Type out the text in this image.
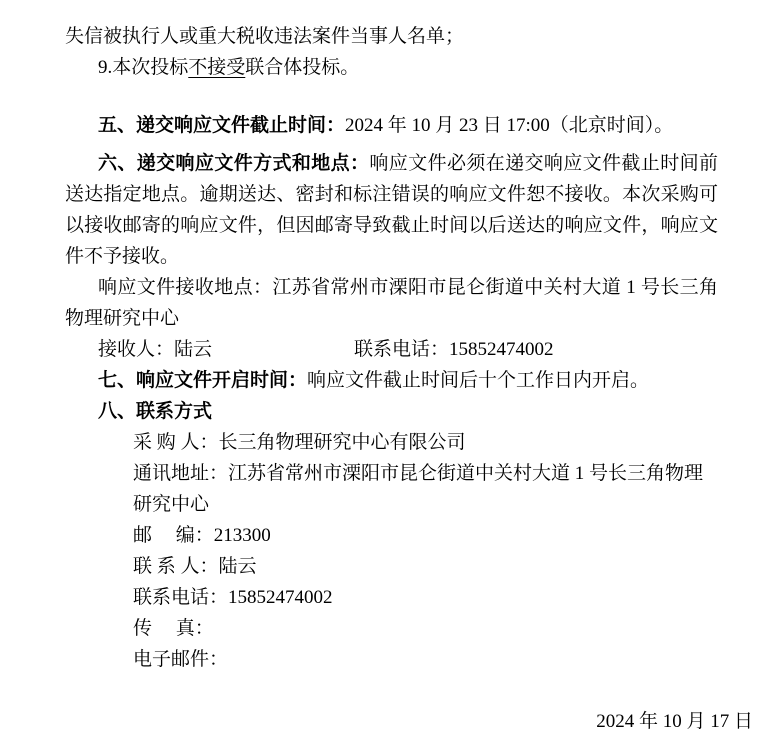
失信被执行人或重大税收违法案件当事人名单；

9.本次投标不接受联合体投标。

五、递交响应文件截止时间：2024 年 10 月 23 日 17:00（北京时间）。

六、递交响应文件方式和地点：响应文件必须在递交响应文件截止时间前送达指定地点。逾期送达、密封和标注错误的响应文件恕不接收。本次采购可以接收邮寄的响应文件，但因邮寄导致截止时间以后送达的响应文件，响应文件不予接收。

响应文件接收地点：江苏省常州市溧阳市昆仑街道中关村大道 1 号长三角物理研究中心

接收人：陆云	联系电话：15852474002

七、响应文件开启时间：响应文件截止时间后十个工作日内开启。

八、联系方式

采 购 人：长三角物理研究中心有限公司

通讯地址：江苏省常州市溧阳市昆仑街道中关村大道 1 号长三角物理研究中心

邮     编：213300

联 系 人：陆云

联系电话：15852474002

传     真：

电子邮件：

2024 年 10 月 17 日
